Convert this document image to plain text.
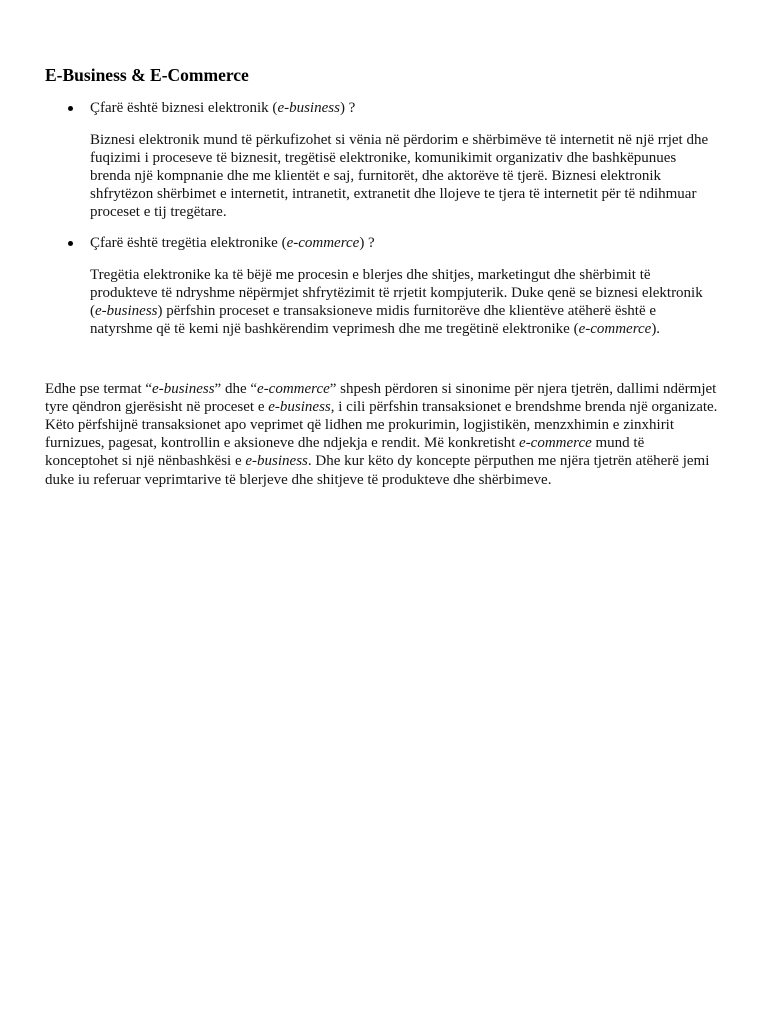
E-Business & E-Commerce
Çfarë është biznesi elektronik (e-business) ?
Biznesi elektronik mund të përkufizohet si vënia në përdorim e shërbimëve të internetit në një rrjet dhe
fuqizimi i proceseve të biznesit, tregëtisë elektronike, komunikimit organizativ dhe bashkëpunues
brenda një kompnanie dhe me klientët e saj, furnitorët, dhe aktorëve të tjerë. Biznesi elektronik
shfrytëzon shërbimet e internetit, intranetit, extranetit dhe llojeve te tjera të internetit për të ndihmuar
proceset e tij tregëtare.
Çfarë është tregëtia elektronike (e-commerce) ?
Tregëtia elektronike ka të bëjë me procesin e blerjes dhe shitjes, marketingut dhe shërbimit të
produkteve të ndryshme nëpërmjet shfrytëzimit të rrjetit kompjuterik. Duke qenë se biznesi elektronik
(e-business) përfshin proceset e transaksioneve midis furnitorëve dhe klientëve atëherë është e
natyrshme që të kemi një bashkërendim veprimesh dhe me tregëtinë elektronike (e-commerce).
Edhe pse termat “e-business” dhe “e-commerce” shpesh përdoren si sinonime për njera tjetrën, dallimi ndërmjet
tyre qëndron gjerësisht në proceset e e-business, i cili përfshin transaksionet e brendshme brenda një organizate.
Këto përfshijnë transaksionet apo veprimet që lidhen me prokurimin, logjistikën, menzxhimin e zinxhirit
furnizues, pagesat, kontrollin e aksioneve dhe ndjekja e rendit. Më konkretisht e-commerce mund të
konceptohet si një nënbashkësi e e-business. Dhe kur këto dy koncepte përputhen me njëra tjetrën atëherë jemi
duke iu referuar veprimtarive të blerjeve dhe shitjeve të produkteve dhe shërbimeve.
